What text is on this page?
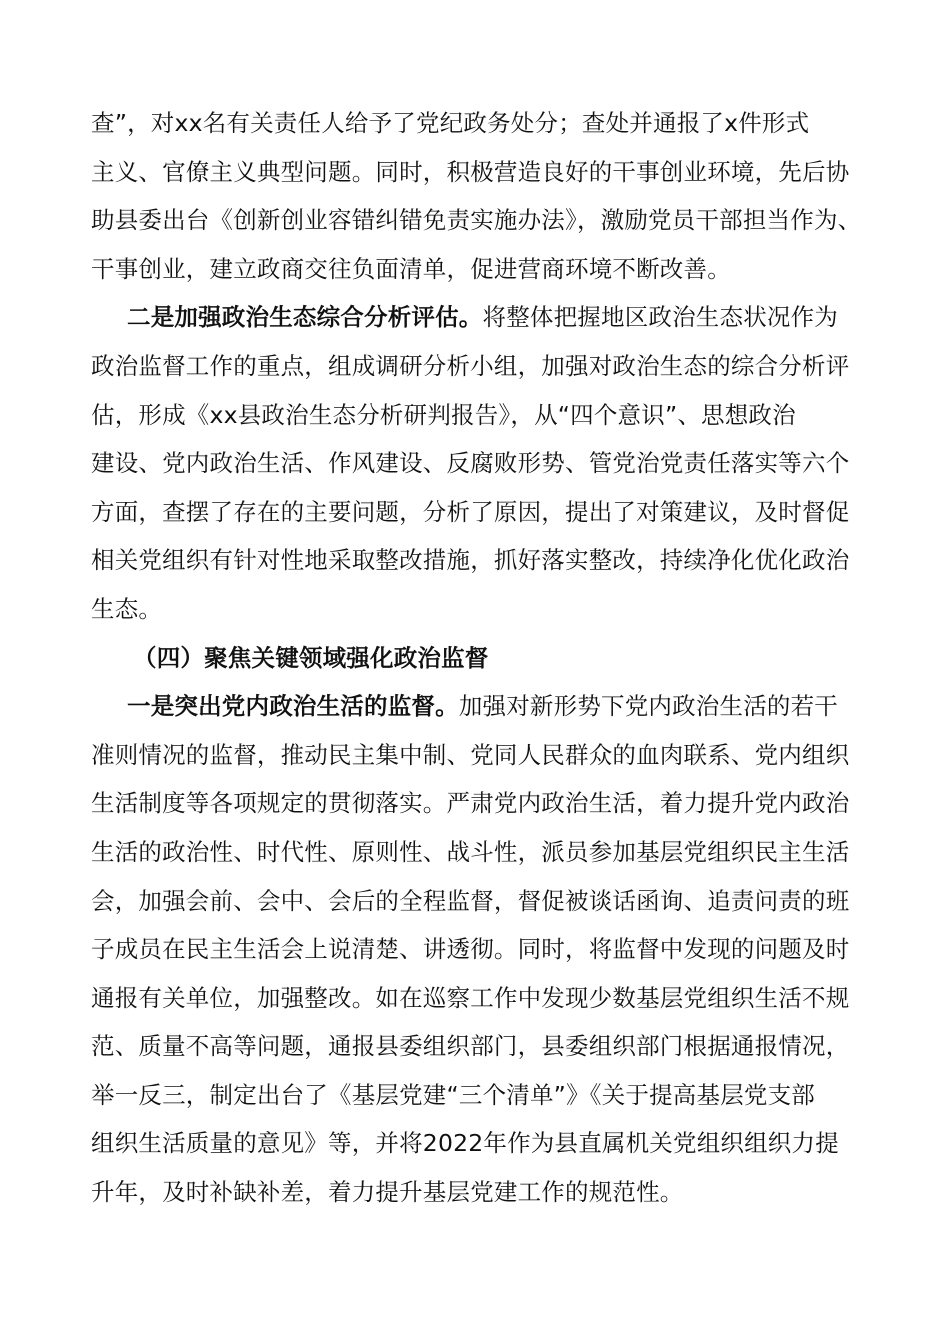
查”，对xx名有关责任人给予了党纪政务处分；查处并通报了x件形式
主义、官僚主义典型问题。同时，积极营造良好的干事创业环境，先后协
助县委出台《创新创业容错纠错免责实施办法》，激励党员干部担当作为、
干事创业，建立政商交往负面清单，促进营商环境不断改善。
二是加强政治生态综合分析评估。将整体把握地区政治生态状况作为
政治监督工作的重点，组成调研分析小组，加强对政治生态的综合分析评
估，形成《xx县政治生态分析研判报告》，从“四个意识”、思想政治
建设、党内政治生活、作风建设、反腐败形势、管党治党责任落实等六个
方面，查摆了存在的主要问题，分析了原因，提出了对策建议，及时督促
相关党组织有针对性地采取整改措施，抓好落实整改，持续净化优化政治
生态。
（四）聚焦关键领域强化政治监督
一是突出党内政治生活的监督。加强对新形势下党内政治生活的若干
准则情况的监督，推动民主集中制、党同人民群众的血肉联系、党内组织
生活制度等各项规定的贯彻落实。严肃党内政治生活，着力提升党内政治
生活的政治性、时代性、原则性、战斗性，派员参加基层党组织民主生活
会，加强会前、会中、会后的全程监督，督促被谈话函询、追责问责的班
子成员在民主生活会上说清楚、讲透彻。同时，将监督中发现的问题及时
通报有关单位，加强整改。如在巡察工作中发现少数基层党组织生活不规
范、质量不高等问题，通报县委组织部门，县委组织部门根据通报情况，
举一反三，制定出台了《基层党建“三个清单”》《关于提高基层党支部
组织生活质量的意见》等，并将2022年作为县直属机关党组织组织力提
升年，及时补缺补差，着力提升基层党建工作的规范性。
